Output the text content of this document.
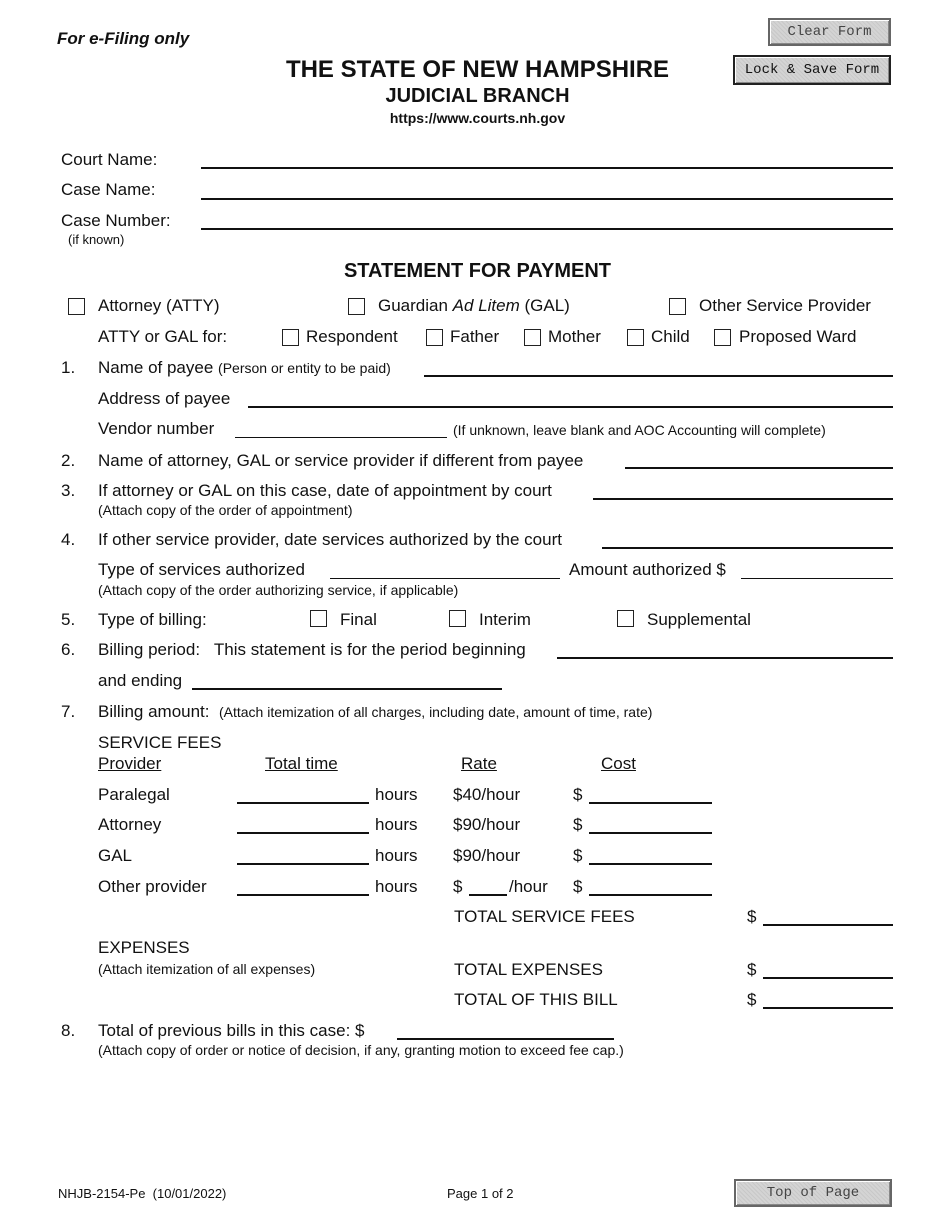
For e-Filing only
THE STATE OF NEW HAMPSHIRE
JUDICIAL BRANCH
https://www.courts.nh.gov
Clear Form
Lock & Save Form
Court Name:
Case Name:
Case Number:
(if known)
STATEMENT FOR PAYMENT
Attorney (ATTY)	Guardian Ad Litem (GAL)	Other Service Provider
ATTY or GAL for:	Respondent	Father	Mother	Child	Proposed Ward
1. Name of payee (Person or entity to be paid)
Address of payee
Vendor number	(If unknown, leave blank and AOC Accounting will complete)
2. Name of attorney, GAL or service provider if different from payee
3. If attorney or GAL on this case, date of appointment by court
(Attach copy of the order of appointment)
4. If other service provider, date services authorized by the court
Type of services authorized	Amount authorized $
(Attach copy of the order authorizing service, if applicable)
5. Type of billing:	Final	Interim	Supplemental
6. Billing period:   This statement is for the period beginning
and ending
7. Billing amount: (Attach itemization of all charges, including date, amount of time, rate)
SERVICE FEES
Provider	Total time	Rate	Cost
Paralegal	hours $40/hour	$
Attorney	hours $90/hour	$
GAL	hours $90/hour	$
Other provider	hours $	/hour $
TOTAL SERVICE FEES	$
EXPENSES
(Attach itemization of all expenses)	TOTAL EXPENSES	$
TOTAL OF THIS BILL	$
8. Total of previous bills in this case: $
(Attach copy of order or notice of decision, if any, granting motion to exceed fee cap.)
NHJB-2154-Pe  (10/01/2022)	Page 1 of 2	Top of Page
